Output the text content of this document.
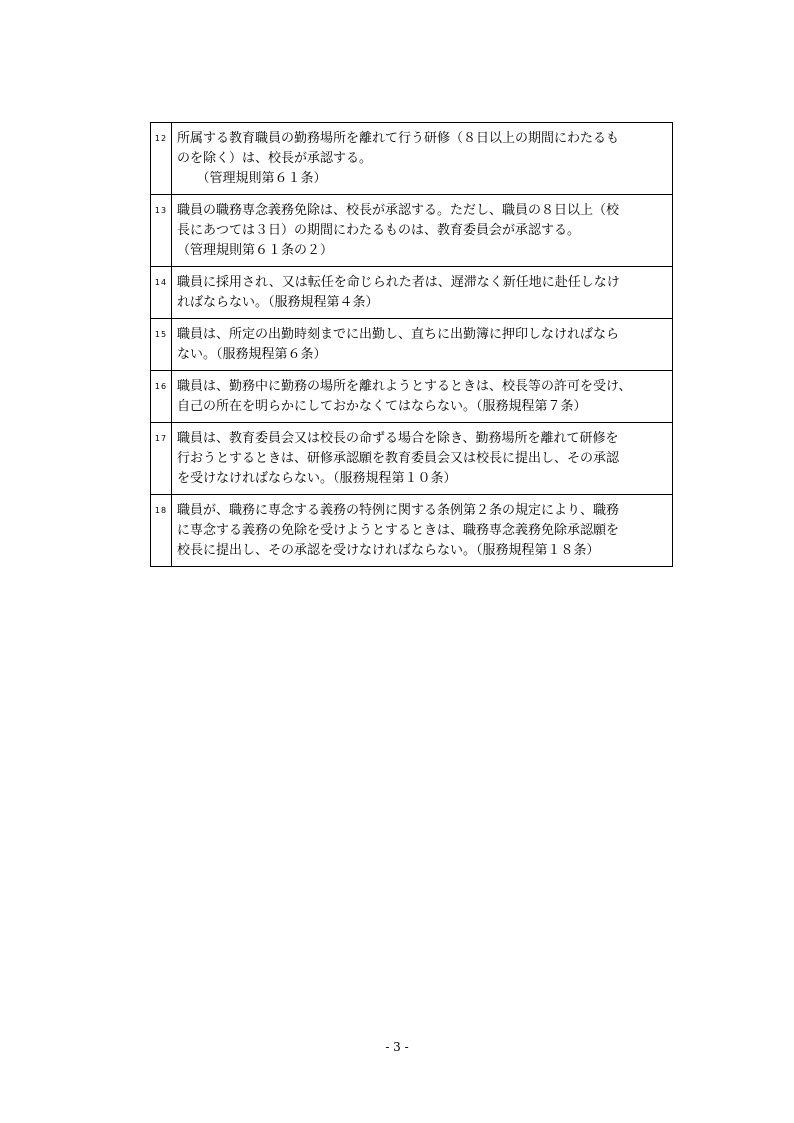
12	所属する教育職員の勤務場所を離れて行う研修（８日以上の期間にわたるも
のを除く）は、校長が承認する。
　　（管理規則第６１条）

13	職員の職務専念義務免除は、校長が承認する。ただし、職員の８日以上（校
長にあつては３日）の期間にわたるものは、教育委員会が承認する。
（管理規則第６１条の２）

14	職員に採用され、又は転任を命じられた者は、遅滞なく新任地に赴任しなけ
ればならない。（服務規程第４条）

15	職員は、所定の出勤時刻までに出勤し、直ちに出勤簿に押印しなければなら
ない。（服務規程第６条）

16	職員は、勤務中に勤務の場所を離れようとするときは、校長等の許可を受け、
自己の所在を明らかにしておかなくてはならない。（服務規程第７条）

17	職員は、教育委員会又は校長の命ずる場合を除き、勤務場所を離れて研修を
行おうとするときは、研修承認願を教育委員会又は校長に提出し、その承認
を受けなければならない。（服務規程第１０条）

18	職員が、職務に専念する義務の特例に関する条例第２条の規定により、職務
に専念する義務の免除を受けようとするときは、職務専念義務免除承認願を
校長に提出し、その承認を受けなければならない。（服務規程第１８条）
- 3 -
